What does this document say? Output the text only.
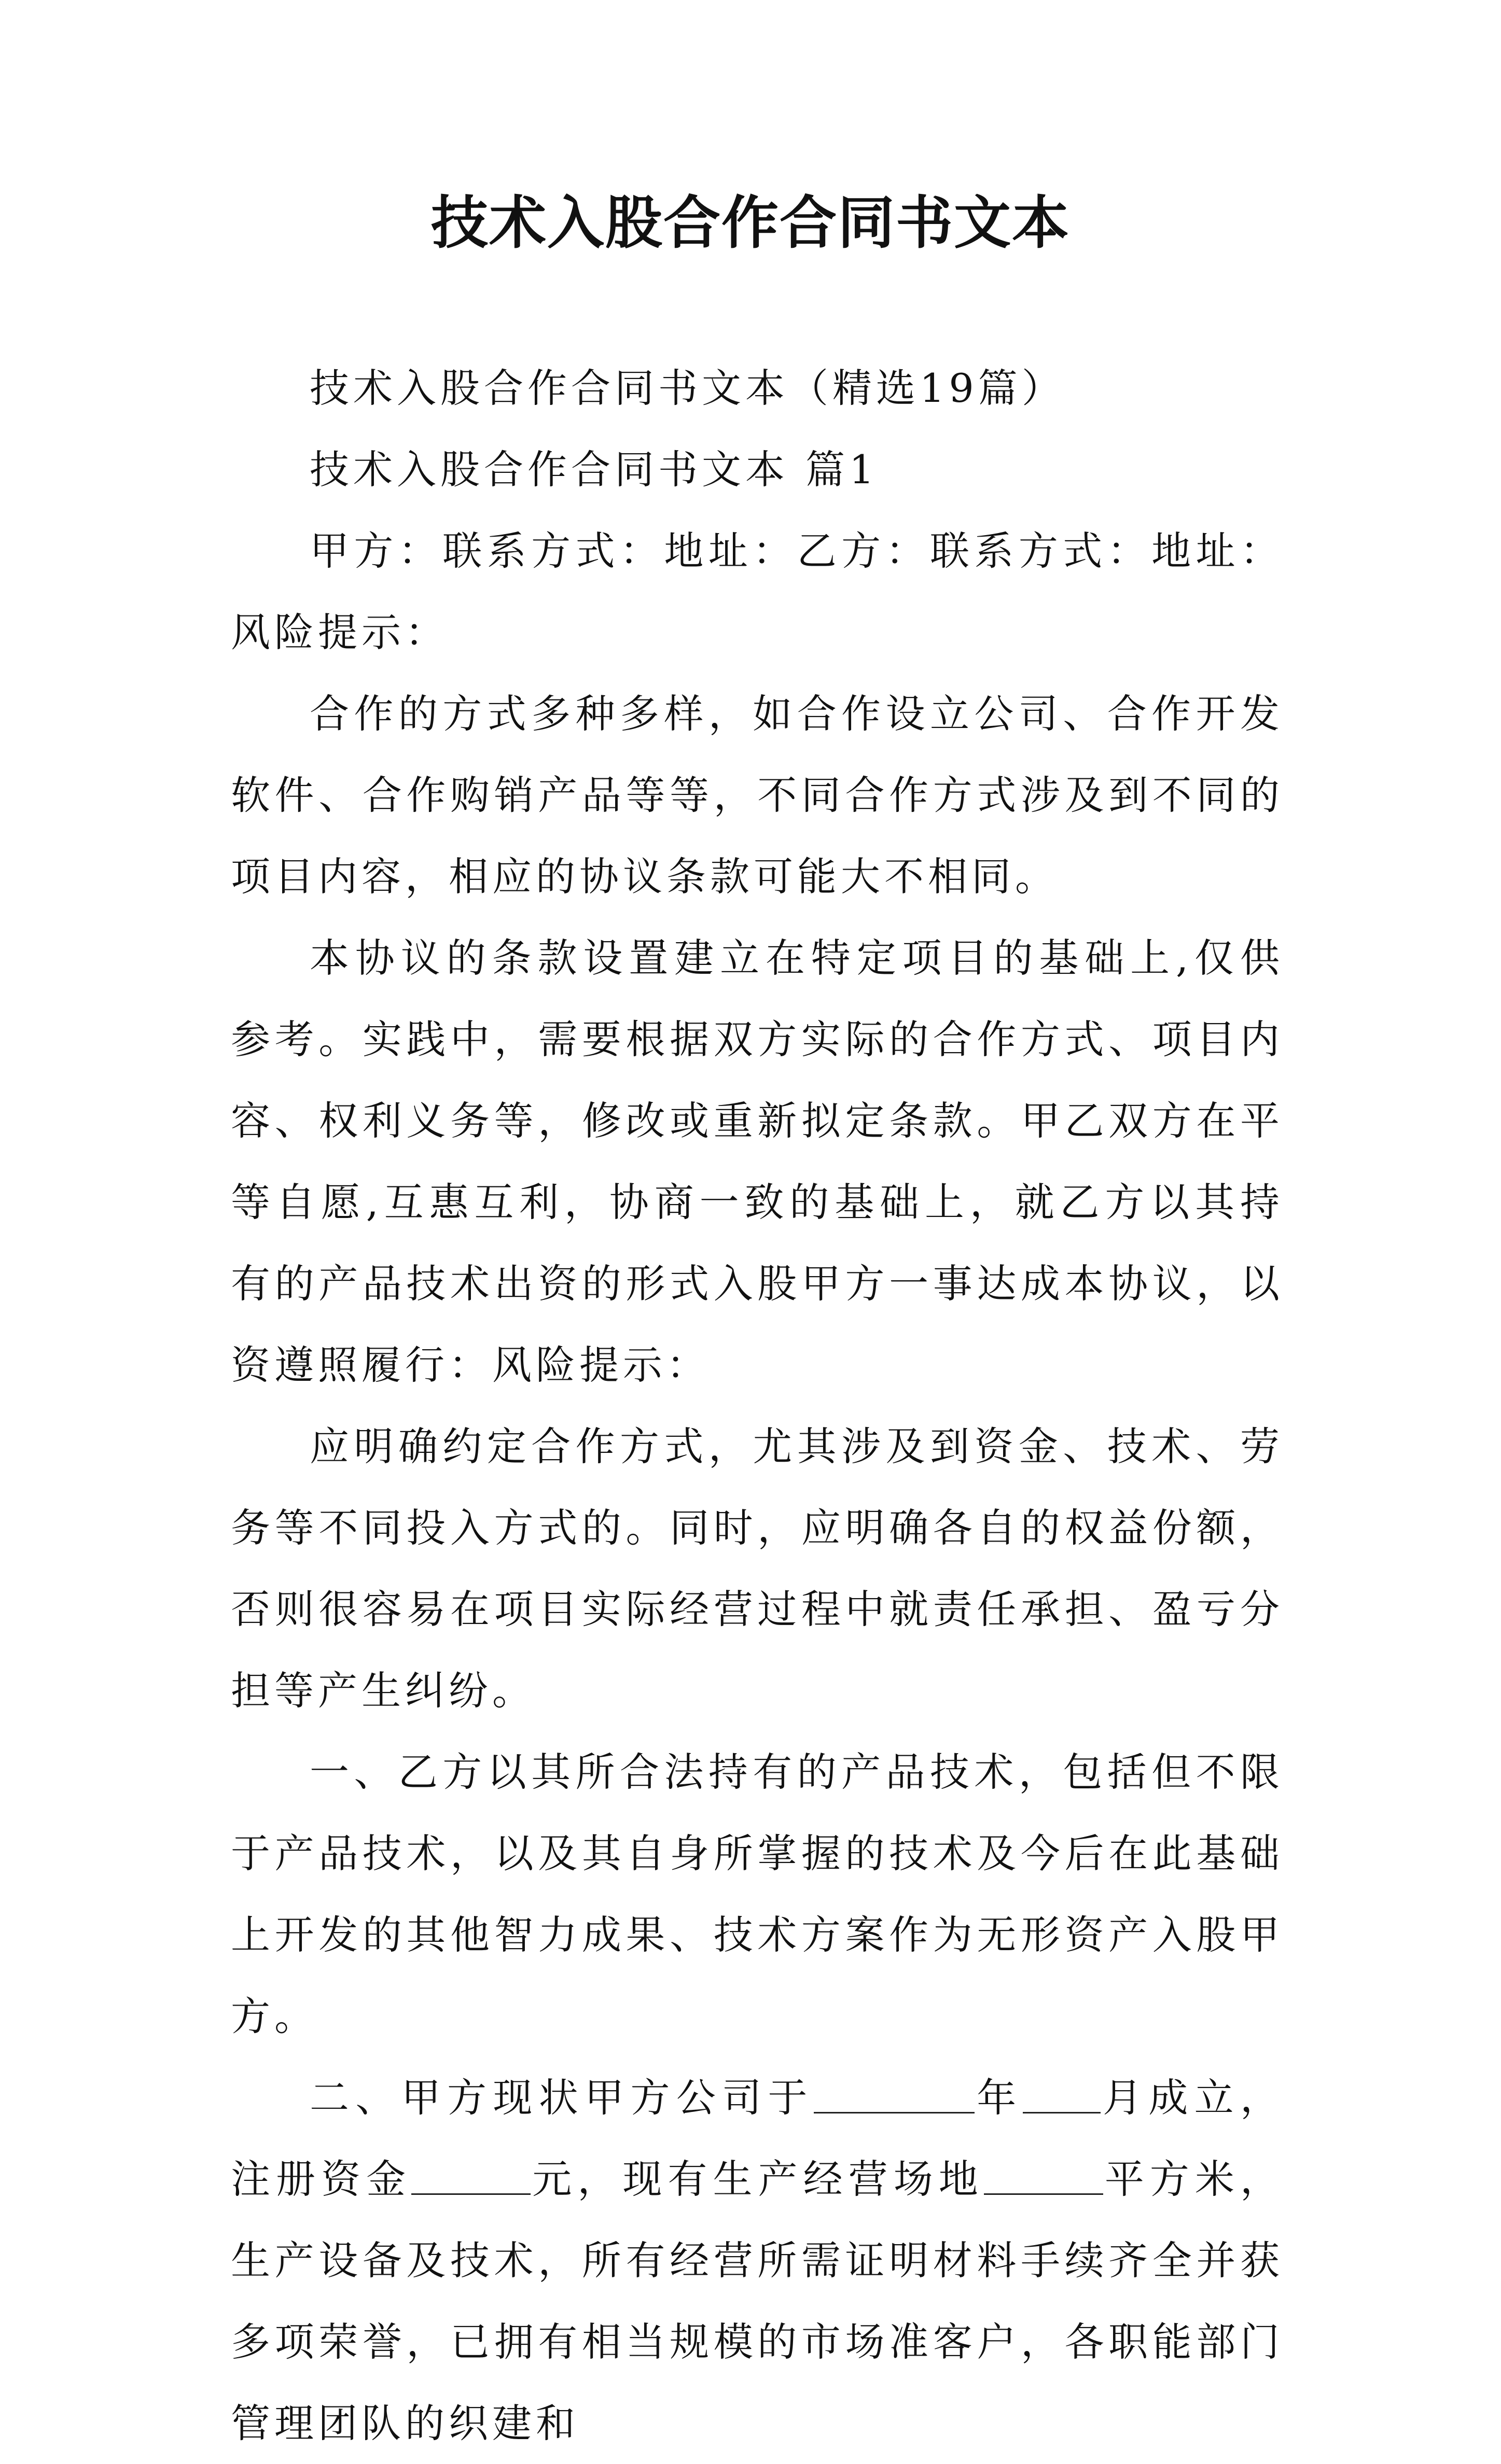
技术入股合作合同书文本

技术入股合作合同书文本（精选19篇）

技术入股合作合同书文本 篇1

甲方：联系方式：地址：乙方：联系方式：地址：风险提示：

合作的方式多种多样，如合作设立公司、合作开发软件、合作购销产品等等，不同合作方式涉及到不同的项目内容，相应的协议条款可能大不相同。

本协议的条款设置建立在特定项目的基础上,仅供参考。实践中，需要根据双方实际的合作方式、项目内容、权利义务等，修改或重新拟定条款。甲乙双方在平等自愿,互惠互利，协商一致的基础上，就乙方以其持有的产品技术出资的形式入股甲方一事达成本协议，以资遵照履行：风险提示：

应明确约定合作方式，尤其涉及到资金、技术、劳务等不同投入方式的。同时，应明确各自的权益份额，否则很容易在项目实际经营过程中就责任承担、盈亏分担等产生纠纷。

一、乙方以其所合法持有的产品技术，包括但不限于产品技术，以及其自身所掌握的技术及今后在此基础上开发的其他智力成果、技术方案作为无形资产入股甲方。

二、甲方现状甲方公司于	年 月成立，注册资金	元，现有生产经营场地	平方米，生产设备及技术，所有经营所需证明材料手续齐全并获多项荣誉，已拥有相当规模的市场准客户，各职能部门管理团队的织建和
